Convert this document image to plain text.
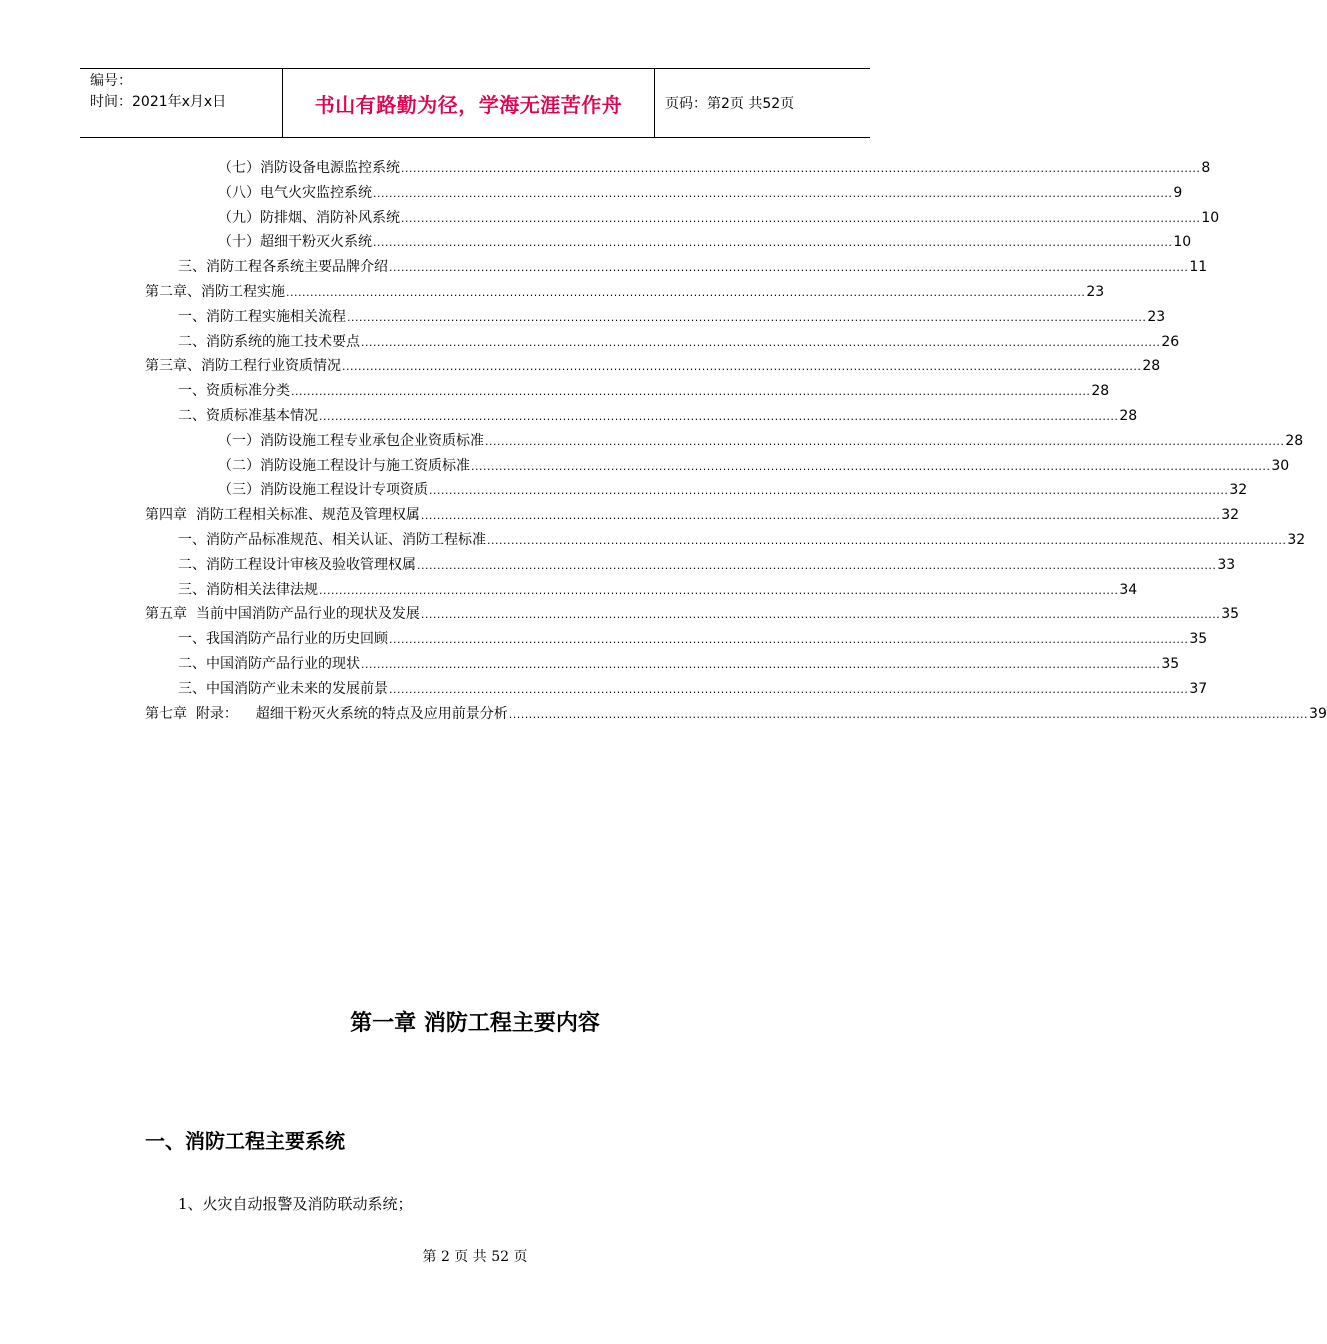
编号：
时间：2021年x月x日	书山有路勤为径，学海无涯苦作舟	页码：第2页 共52页
（七）消防设备电源监控系统 ........................................................................................................................................................................................................ 8
（八）电气火灾监控系统 ........................................................................................................................................................................................................ 9
（九）防排烟、消防补风系统 ........................................................................................................................................................................................................ 10
（十）超细干粉灭火系统 ........................................................................................................................................................................................................ 10
三、消防工程各系统主要品牌介绍 ........................................................................................................................................................................................................ 11
第二章、消防工程实施 ........................................................................................................................................................................................................ 23
一、消防工程实施相关流程 ........................................................................................................................................................................................................ 23
二、消防系统的施工技术要点 ........................................................................................................................................................................................................ 26
第三章、消防工程行业资质情况 ........................................................................................................................................................................................................ 28
一、资质标准分类 ........................................................................................................................................................................................................ 28
二、资质标准基本情况 ........................................................................................................................................................................................................ 28
（一）消防设施工程专业承包企业资质标准 ........................................................................................................................................................................................................ 28
（二）消防设施工程设计与施工资质标准 ........................................................................................................................................................................................................ 30
（三）消防设施工程设计专项资质 ........................................................................................................................................................................................................ 32
第四章  消防工程相关标准、规范及管理权属 ........................................................................................................................................................................................................ 32
一、消防产品标准规范、相关认证、消防工程标准 ........................................................................................................................................................................................................ 32
二、消防工程设计审核及验收管理权属 ........................................................................................................................................................................................................ 33
三、消防相关法律法规 ........................................................................................................................................................................................................ 34
第五章  当前中国消防产品行业的现状及发展 ........................................................................................................................................................................................................ 35
一、我国消防产品行业的历史回顾 ........................................................................................................................................................................................................ 35
二、中国消防产品行业的现状 ........................................................................................................................................................................................................ 35
三、中国消防产业未来的发展前景 ........................................................................................................................................................................................................ 37
第七章  附录：    超细干粉灭火系统的特点及应用前景分析 ........................................................................................................................................................................................................ 39
第一章 消防工程主要内容
一、消防工程主要系统
1、火灾自动报警及消防联动系统；
第 2 页 共 52 页
